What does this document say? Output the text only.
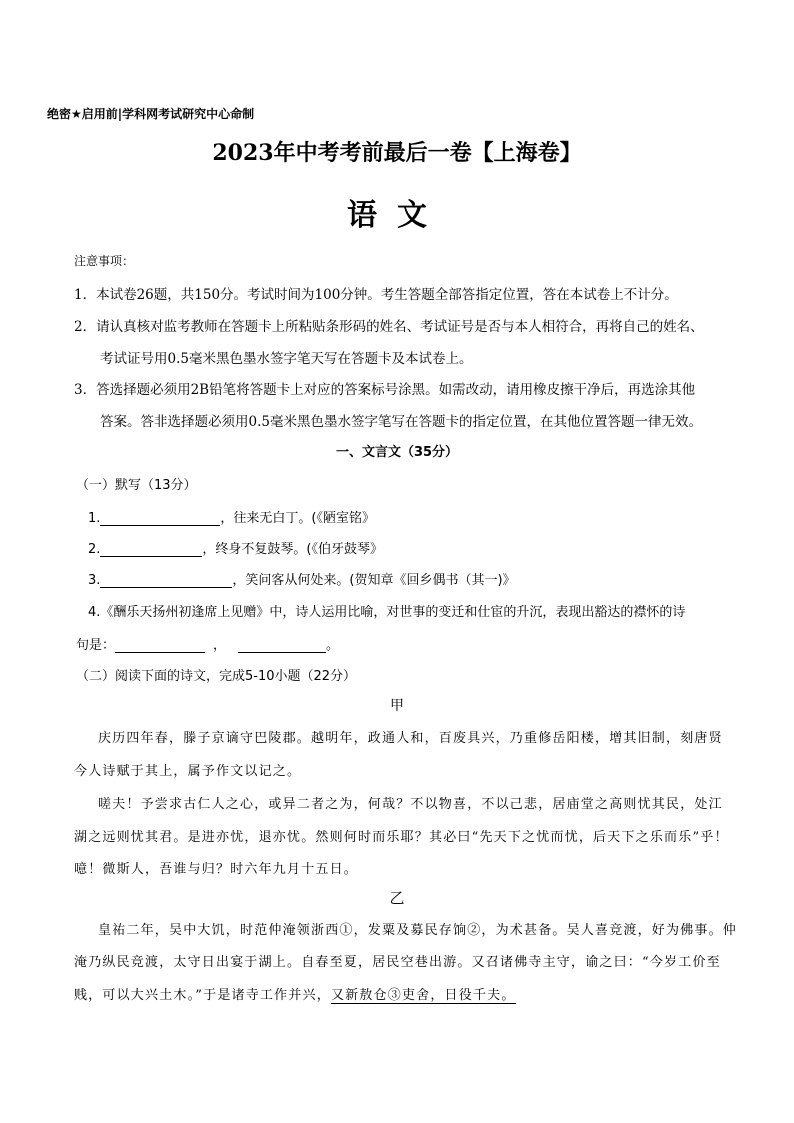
绝密★启用前|学科网考试研究中心命制
2023年中考考前最后一卷【上海卷】
语文
注意事项：
1．本试卷26题，共150分。考试时间为100分钟。考生答题全部答指定位置，答在本试卷上不计分。
2．请认真核对监考教师在答题卡上所粘贴条形码的姓名、考试证号是否与本人相符合，再将自己的姓名、
考试证号用0.5毫米黑色墨水签字笔天写在答题卡及本试卷上。
3．答选择题必须用2B铅笔将答题卡上对应的答案标号涂黑。如需改动，请用橡皮擦干净后，再选涂其他
答案。答非选择题必须用0.5毫米黑色墨水签字笔写在答题卡的指定位置，在其他位置答题一律无效。
一、文言文（35分）
（一）默写（13分）
1.	，往来无白丁。(《陋室铭》
2.	，终身不复鼓琴。(《伯牙鼓琴》
3.	，笑问客从何处来。(贺知章《回乡偶书（其一)》
4.《酬乐天扬州初逢席上见赠》中，诗人运用比喻，对世事的变迁和仕宦的升沉，表现出豁达的襟怀的诗
句是：	，	。
（二）阅读下面的诗文，完成5-10小题（22分）
甲
庆历四年春，滕子京谪守巴陵郡。越明年，政通人和，百废具兴，乃重修岳阳楼，增其旧制，刻唐贤
今人诗赋于其上，属予作文以记之。
嗟夫！予尝求古仁人之心，或异二者之为，何哉？不以物喜，不以己悲，居庙堂之高则忧其民，处江
湖之远则忧其君。是进亦忧，退亦忧。然则何时而乐耶？其必曰“先天下之忧而忧，后天下之乐而乐”乎！
噫！微斯人，吾谁与归？时六年九月十五日。
乙
皇祐二年，吴中大饥，时范仲淹领浙西①，发粟及募民存饷②，为术甚备。吴人喜竞渡，好为佛事。仲
淹乃纵民竞渡，太守日出宴于湖上。自春至夏，居民空巷出游。又召诸佛寺主守，谕之曰：“今岁工价至
贱，可以大兴土木。”于是诸寺工作并兴，又新敖仓③吏舍，日役千夫。
